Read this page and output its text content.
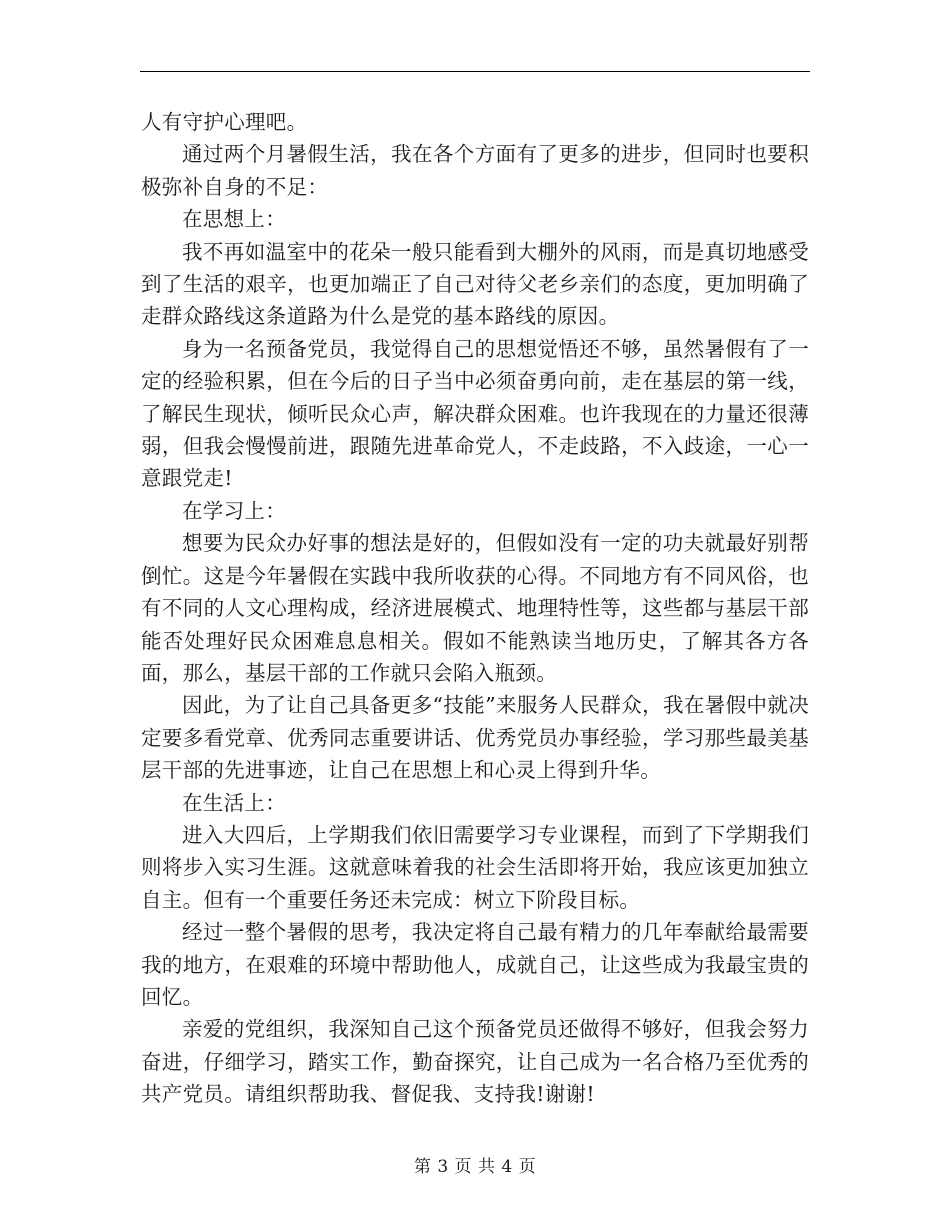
人有守护心理吧。

通过两个月暑假生活，我在各个方面有了更多的进步，但同时也要积极弥补自身的不足：

在思想上：

我不再如温室中的花朵一般只能看到大棚外的风雨，而是真切地感受到了生活的艰辛，也更加端正了自己对待父老乡亲们的态度，更加明确了走群众路线这条道路为什么是党的基本路线的原因。

身为一名预备党员，我觉得自己的思想觉悟还不够，虽然暑假有了一定的经验积累，但在今后的日子当中必须奋勇向前，走在基层的第一线，了解民生现状，倾听民众心声，解决群众困难。也许我现在的力量还很薄弱，但我会慢慢前进，跟随先进革命党人，不走歧路，不入歧途，一心一意跟党走!

在学习上：

想要为民众办好事的想法是好的，但假如没有一定的功夫就最好别帮倒忙。这是今年暑假在实践中我所收获的心得。不同地方有不同风俗，也有不同的人文心理构成，经济进展模式、地理特性等，这些都与基层干部能否处理好民众困难息息相关。假如不能熟读当地历史，了解其各方各面，那么，基层干部的工作就只会陷入瓶颈。

因此，为了让自己具备更多“技能”来服务人民群众，我在暑假中就决定要多看党章、优秀同志重要讲话、优秀党员办事经验，学习那些最美基层干部的先进事迹，让自己在思想上和心灵上得到升华。

在生活上：

进入大四后，上学期我们依旧需要学习专业课程，而到了下学期我们则将步入实习生涯。这就意味着我的社会生活即将开始，我应该更加独立自主。但有一个重要任务还未完成：树立下阶段目标。

经过一整个暑假的思考，我决定将自己最有精力的几年奉献给最需要我的地方，在艰难的环境中帮助他人，成就自己，让这些成为我最宝贵的回忆。

亲爱的党组织，我深知自己这个预备党员还做得不够好，但我会努力奋进，仔细学习，踏实工作，勤奋探究，让自己成为一名合格乃至优秀的共产党员。请组织帮助我、督促我、支持我!谢谢!

第 3 页 共 4 页
